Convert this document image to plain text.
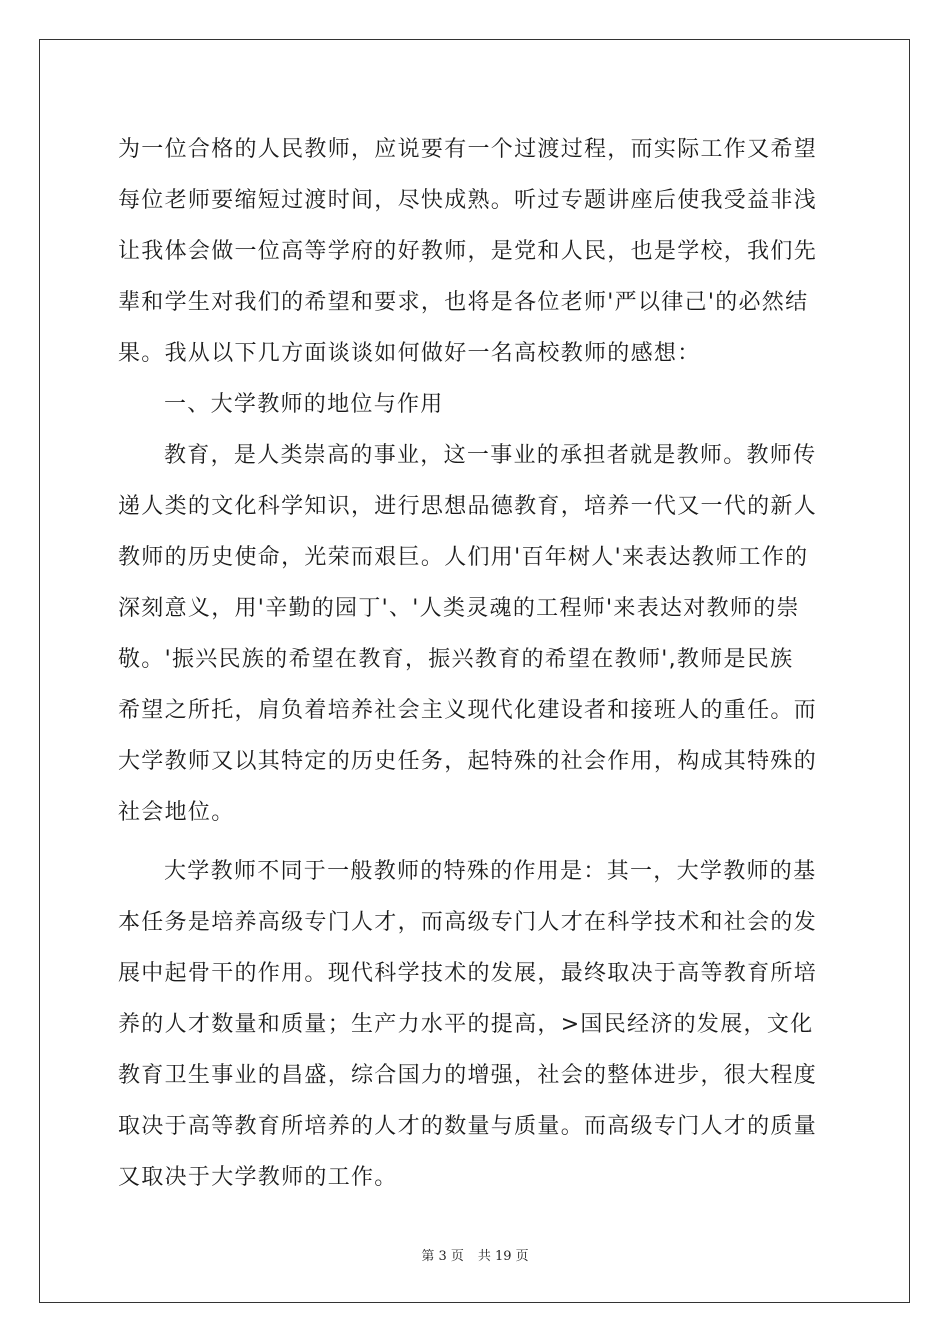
为一位合格的人民教师，应说要有一个过渡过程，而实际工作又希望
每位老师要缩短过渡时间，尽快成熟。听过专题讲座后使我受益非浅
让我体会做一位高等学府的好教师，是党和人民，也是学校，我们先
辈和学生对我们的希望和要求，也将是各位老师'严以律己'的必然结
果。我从以下几方面谈谈如何做好一名高校教师的感想：
一、大学教师的地位与作用
教育，是人类崇高的事业，这一事业的承担者就是教师。教师传
递人类的文化科学知识，进行思想品德教育，培养一代又一代的新人
教师的历史使命，光荣而艰巨。人们用'百年树人'来表达教师工作的
深刻意义，用'辛勤的园丁'、'人类灵魂的工程师'来表达对教师的崇
敬。'振兴民族的希望在教育，振兴教育的希望在教师',教师是民族
希望之所托，肩负着培养社会主义现代化建设者和接班人的重任。而
大学教师又以其特定的历史任务，起特殊的社会作用，构成其特殊的
社会地位。
大学教师不同于一般教师的特殊的作用是：其一，大学教师的基
本任务是培养高级专门人才，而高级专门人才在科学技术和社会的发
展中起骨干的作用。现代科学技术的发展，最终取决于高等教育所培
养的人才数量和质量；生产力水平的提高，>国民经济的发展，文化
教育卫生事业的昌盛，综合国力的增强，社会的整体进步，很大程度
取决于高等教育所培养的人才的数量与质量。而高级专门人才的质量
又取决于大学教师的工作。
第 3 页 共 19 页
